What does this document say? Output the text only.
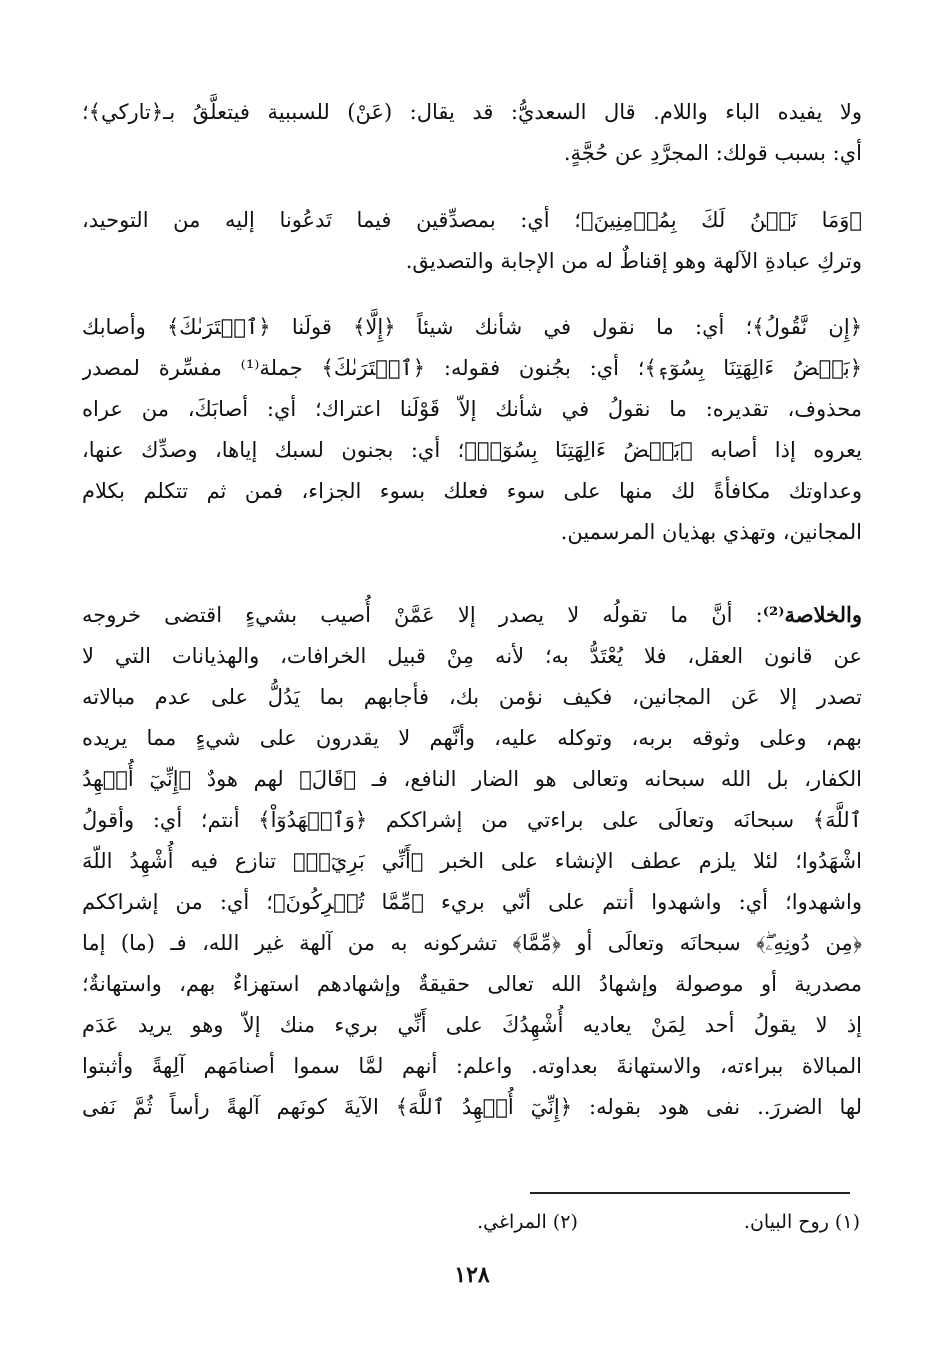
ولا يفيده الباء واللام. قال السعديُّ: قد يقال: (عَنْ) للسببية فيتعلَّقُ بـ﴿تاركي﴾؛
أي: بسبب قولك: المجرَّدِ عن حُجَّةٍ.
﴿وَمَا نَحۡنُ لَكَ بِمُؤۡمِنِينَ﴾؛ أي: بمصدِّقين فيما تَدعُونا إليه من التوحيد،
وتركِ عبادةِ الآلهة وهو إقناطٌ له من الإجابة والتصديق.
﴿إِن نَّقُولُ﴾؛ أي: ما نقول في شأنك شيئاً ﴿إِلَّا﴾ قولَنا ﴿ٱعۡتَرَىٰكَ﴾ وأصابك
﴿بَعۡضُ ءَالِهَتِنَا بِسُوٓءٖ﴾؛ أي: بجُنون فقوله: ﴿ٱعۡتَرَىٰكَ﴾ جملة⁽¹⁾ مفسِّرة لمصدر
محذوف، تقديره: ما نقولُ في شأنك إلاّ قَوْلَنا اعتراك؛ أي: أصابَكَ، من عراه
يعروه إذا أصابه ﴿بَعۡضُ ءَالِهَتِنَا بِسُوٓءٖ﴾؛ أي: بجنون لسبك إياها، وصدِّك عنها،
وعداوتك مكافأةً لك منها على سوء فعلك بسوء الجزاء، فمن ثم تتكلم بكلام
المجانين، وتهذي بهذيان المرسمين.
والخلاصة⁽²⁾: أنَّ ما تقولُه لا يصدر إلا عَمَّنْ أُصيب بشيءٍ اقتضى خروجه
عن قانون العقل، فلا يُعْتَدُّ به؛ لأنه مِنْ قبيل الخرافات، والهذيانات التي لا
تصدر إلا عَن المجانين، فكيف نؤمن بك، فأجابهم بما يَدُلُّ على عدم مبالاته
بهم، وعلى وثوقه بربه، وتوكله عليه، وأنَّهم لا يقدرون على شيءٍ مما يريده
الكفار، بل الله سبحانه وتعالى هو الضار النافع، فـ ﴿قَالَ﴾ لهم هودٌ ﴿إِنِّيٓ أُشۡهِدُ
ٱللَّهَ﴾ سبحانَه وتعالَى على براءتي من إشراككم ﴿وَٱشۡهَدُوٓاْ﴾ أنتم؛ أي: وأقولُ
اشْهَدُوا؛ لئلا يلزم عطف الإنشاء على الخبر ﴿أَنِّي بَرِيٓءٞ﴾ تنازع فيه أُشْهِدُ اللّهَ
واشهدوا؛ أي: واشهدوا أنتم على أنّي بريء ﴿مِّمَّا تُشۡرِكُونَ﴾؛ أي: من إشراككم
﴿مِن دُونِهِۦۖ﴾ سبحانَه وتعالَى أو ﴿مِّمَّا﴾ تشركونه به من آلهة غير الله، فـ (ما) إما
مصدرية أو موصولة وإشهادُ الله تعالى حقيقةٌ وإشهادهم استهزاءٌ بهم، واستهانةٌ؛
إذ لا يقولُ أحد لِمَنْ يعاديه أُشْهِدُكَ على أَنِّي بريء منك إلاّ وهو يريد عَدَم
المبالاة ببراءته، والاستهانةَ بعداوته. واعلم: أنهم لمَّا سموا أصنامَهم آلِهةً وأثبتوا
لها الضررَ.. نفى هود بقوله: ﴿إِنِّيٓ أُشۡهِدُ ٱللَّهَ﴾ الآيةَ كونَهم آلهةً رأساً ثُمَّ نَفى
(١) روح البيان. (٢) المراغي.
١٢٨
